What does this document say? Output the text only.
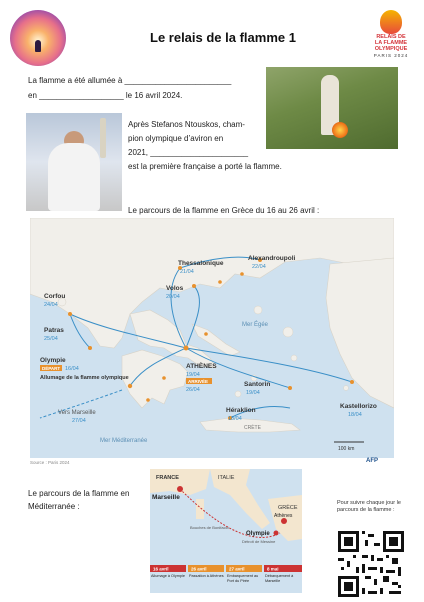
Le relais de la flamme 1	RELAIS DE
LA FLAMME
OLYMPIQUE
PARIS 2024
La flamme a été allumée à ________________________
en ___________________ le 16 avril 2024.
Après Stefanos Ntouskos, cham-
pion olympique d’aviron en
2021, ______________________
est la première française a porté la flamme.
Le parcours de la flamme en Grèce du 16 au 26 avril :
Thessalonique
21/04
Alexandroupoli
22/04
Corfou
24/04
Volos
20/04
Patras
25/04
ATHÈNES
19/04
ARRIVÉE
26/04
Santorin
19/04
Héraklion
18/04
Kastellorizo
18/04
Vers Marseille
27/04
Olympie
DÉPART 16/04
Allumage de la flamme olympique
CRÈTE
Mer Égée
Mer Méditerranée
100 km
Source : Paris 2024	AFP
Le parcours de la flamme en Méditerranée :
FRANCE	ITALIE
GRÈCE
Marseille
Bouches de Bonifacio
Détroit de Messine
Olympie
Athènes
16 avril	26 avril	27 avril	8 mai
Allumage à Olympie Passation à Athènes Embarquement au Port du Pirée
Débarquement à Marseille
Pour suivre chaque jour le parcours de la flamme :
